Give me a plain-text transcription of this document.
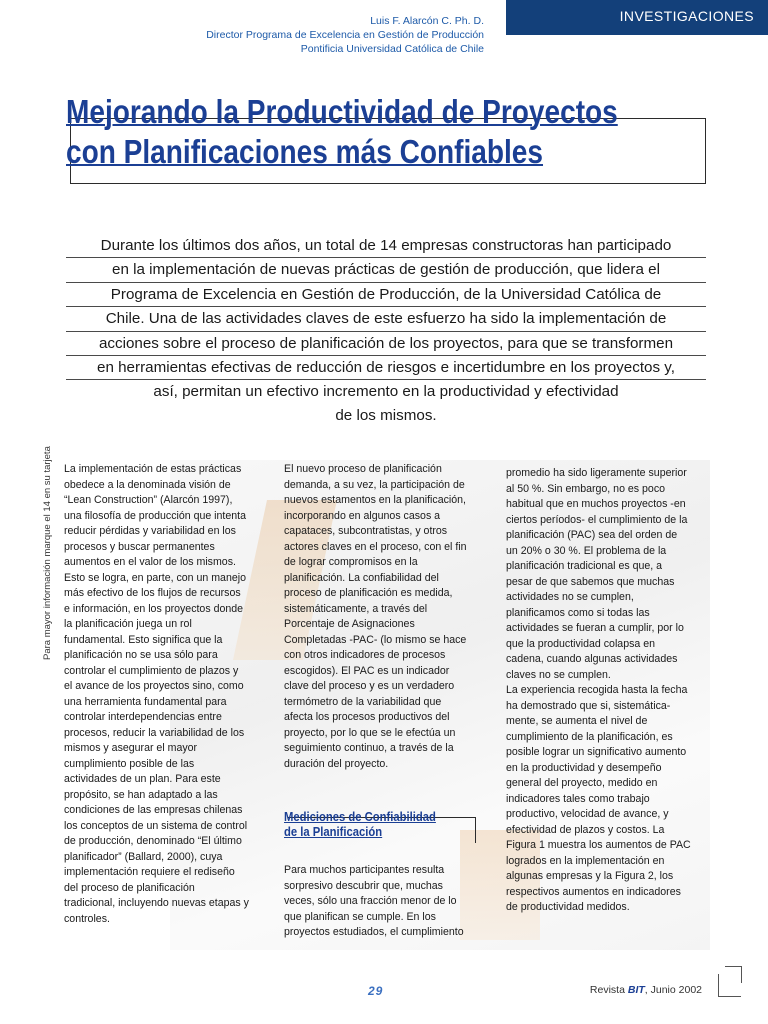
INVESTIGACIONES
Luis F. Alarcón C. Ph. D.
Director Programa de Excelencia en Gestión de Producción
Pontificia Universidad Católica de Chile
Mejorando la Productividad de Proyectos
con Planificaciones más Confiables
Para mayor información marque el 14 en su tarjeta
Durante los últimos dos años, un total de 14 empresas constructoras han participado
en la implementación de nuevas prácticas de gestión de producción, que lidera el
Programa de Excelencia en Gestión de Producción, de la Universidad Católica de
Chile. Una de las actividades claves de este esfuerzo ha sido la implementación de
acciones sobre el proceso de planificación de los proyectos, para que se transformen
en herramientas efectivas de reducción de riesgos e incertidumbre en los proyectos y,
así, permitan un efectivo incremento en la productividad y efectividad
de los mismos.
La implementación de estas prácticas
obedece a la denominada visión de
“Lean Construction” (Alarcón 1997),
una filosofía de producción que intenta
reducir pérdidas y variabilidad en los
procesos y buscar permanentes
aumentos en el valor de los mismos.
Esto se logra, en parte, con un manejo
más efectivo de los flujos de recursos
e información, en los proyectos donde
la planificación juega un rol
fundamental. Esto significa que la
planificación no se usa sólo para
controlar el cumplimiento de plazos y
el avance de los proyectos sino, como
una herramienta fundamental para
controlar interdependencias entre
procesos, reducir la variabilidad de los
mismos y asegurar el mayor
cumplimiento posible de las
actividades de un plan. Para este
propósito, se han adaptado a las
condiciones de las empresas chilenas
los conceptos de un sistema de control
de producción, denominado “El último
planificador” (Ballard, 2000), cuya
implementación requiere el rediseño
del proceso de planificación
tradicional, incluyendo nuevas etapas y
controles.
El nuevo proceso de planificación
demanda, a su vez, la participación de
nuevos estamentos en la planificación,
incorporando en algunos casos a
capataces, subcontratistas, y otros
actores claves en el proceso, con el fin
de lograr compromisos en la
planificación. La confiabilidad del
proceso de planificación es medida,
sistemáticamente, a través del
Porcentaje de Asignaciones
Completadas -PAC- (lo mismo se hace
con otros indicadores de procesos
escogidos). El PAC es un indicador
clave del proceso y es un verdadero
termómetro de la variabilidad que
afecta los procesos productivos del
proyecto, por lo que se le efectúa un
seguimiento continuo, a través de la
duración del proyecto.
Mediciones de Confiabilidad
de la Planificación
Para muchos participantes resulta
sorpresivo descubrir que, muchas
veces, sólo una fracción menor de lo
que planifican se cumple. En los
proyectos estudiados, el cumplimiento
promedio ha sido ligeramente superior
al 50 %. Sin embargo, no es poco
habitual que en muchos proyectos -en
ciertos períodos- el cumplimiento de la
planificación (PAC) sea del orden de
un 20% o 30 %. El problema de la
planificación tradicional es que, a
pesar de que sabemos que muchas
actividades no se cumplen,
planificamos como si todas las
actividades se fueran a cumplir, por lo
que la productividad colapsa en
cadena, cuando algunas actividades
claves no se cumplen.
La experiencia recogida hasta la fecha
ha demostrado que si, sistemática-
mente, se aumenta el nivel de
cumplimiento de la planificación, es
posible lograr un significativo aumento
en la productividad y desempeño
general del proyecto, medido en
indicadores tales como trabajo
productivo, velocidad de avance, y
efectividad de plazos y costos. La
Figura 1 muestra los aumentos de PAC
logrados en la implementación en
algunas empresas y la Figura 2, los
respectivos aumentos en indicadores
de productividad medidos.
29	Revista BIT, Junio 2002
